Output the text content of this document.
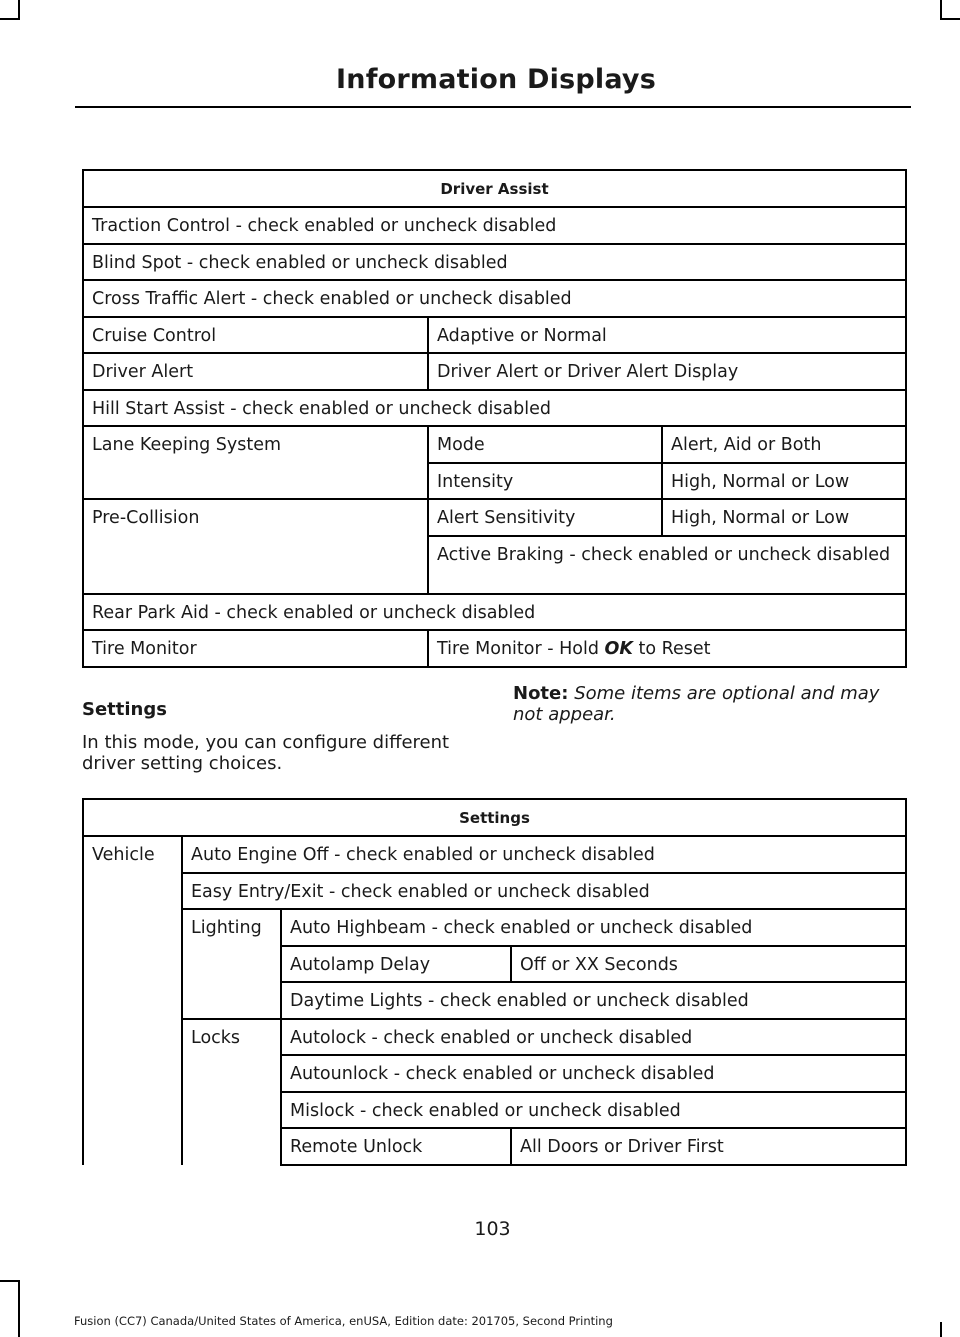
Information Displays
Driver Assist		
Traction Control - check enabled or uncheck disabled		
Blind Spot - check enabled or uncheck disabled		
Cross Traffic Alert - check enabled or uncheck disabled		
Cruise Control	Adaptive or Normal	
Driver Alert	Driver Alert or Driver Alert Display	
Hill Start Assist - check enabled or uncheck disabled		
Lane Keeping System	Mode	Alert, Aid or Both
	Intensity	High, Normal or Low
Pre-Collision	Alert Sensitivity	High, Normal or Low
	Active Braking - check enabled or uncheck disabled	
Rear Park Aid - check enabled or uncheck disabled		
Tire Monitor	Tire Monitor - Hold OK to Reset	

Settings

In this mode, you can configure different driver setting choices.

Note: Some items are optional and may not appear.

Settings			
Vehicle	Auto Engine Off - check enabled or uncheck disabled		
	Easy Entry/Exit - check enabled or uncheck disabled		
	Lighting	Auto Highbeam - check enabled or uncheck disabled	
		Autolamp Delay	Off or XX Seconds
		Daytime Lights - check enabled or uncheck disabled	
	Locks	Autolock - check enabled or uncheck disabled	
		Autounlock - check enabled or uncheck disabled	
		Mislock - check enabled or uncheck disabled	
		Remote Unlock	All Doors or Driver First
103
Fusion (CC7) Canada/United States of America, enUSA, Edition date: 201705, Second Printing
